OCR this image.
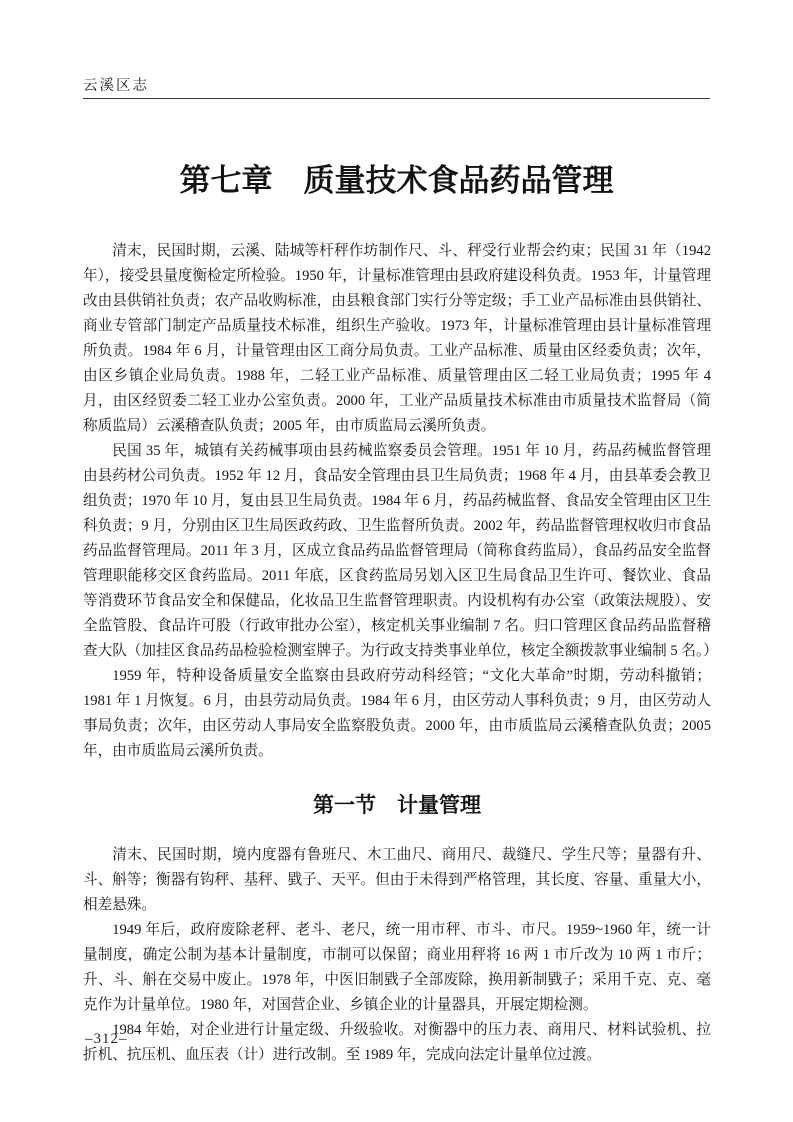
云溪区志
第七章　质量技术食品药品管理

清末，民国时期，云溪、陆城等杆秤作坊制作尺、斗、秤受行业帮会约束；民国 31 年（1942 年），接受县量度衡检定所检验。1950 年，计量标准管理由县政府建设科负责。1953 年，计量管理改由县供销社负责；农产品收购标准，由县粮食部门实行分等定级；手工业产品标准由县供销社、商业专管部门制定产品质量技术标准，组织生产验收。1973 年，计量标准管理由县计量标准管理所负责。1984 年 6 月，计量管理由区工商分局负责。工业产品标准、质量由区经委负责；次年，由区乡镇企业局负责。1988 年，二轻工业产品标准、质量管理由区二轻工业局负责；1995 年 4 月，由区经贸委二轻工业办公室负责。2000 年，工业产品质量技术标准由市质量技术监督局（简称质监局）云溪稽查队负责；2005 年，由市质监局云溪所负责。

民国 35 年，城镇有关药械事项由县药械监察委员会管理。1951 年 10 月，药品药械监督管理由县药材公司负责。1952 年 12 月，食品安全管理由县卫生局负责；1968 年 4 月，由县革委会教卫组负责；1970 年 10 月，复由县卫生局负责。1984 年 6 月，药品药械监督、食品安全管理由区卫生科负责；9 月，分别由区卫生局医政药政、卫生监督所负责。2002 年，药品监督管理权收归市食品药品监督管理局。2011 年 3 月，区成立食品药品监督管理局（简称食药监局），食品药品安全监督管理职能移交区食药监局。2011 年底，区食药监局另划入区卫生局食品卫生许可、餐饮业、食品等消费环节食品安全和保健品，化妆品卫生监督管理职责。内设机构有办公室（政策法规股）、安全监管股、食品许可股（行政审批办公室），核定机关事业编制 7 名。归口管理区食品药品监督稽查大队（加挂区食品药品检验检测室牌子。为行政支持类事业单位，核定全额拨款事业编制 5 名。）

1959 年，特种设备质量安全监察由县政府劳动科经管；“文化大革命”时期，劳动科撤销；1981 年 1 月恢复。6 月，由县劳动局负责。1984 年 6 月，由区劳动人事科负责；9 月，由区劳动人事局负责；次年，由区劳动人事局安全监察股负责。2000 年，由市质监局云溪稽查队负责；2005 年，由市质监局云溪所负责。

第一节　计量管理

清末、民国时期，境内度器有鲁班尺、木工曲尺、商用尺、裁缝尺、学生尺等；量器有升、斗、斛等；衡器有钩秤、基秤、戥子、天平。但由于未得到严格管理，其长度、容量、重量大小，相差悬殊。

1949 年后，政府废除老秤、老斗、老尺，统一用市秤、市斗、市尺。1959~1960 年，统一计量制度，确定公制为基本计量制度，市制可以保留；商业用秤将 16 两 1 市斤改为 10 两 1 市斤；升、斗、斛在交易中废止。1978 年，中医旧制戥子全部废除，换用新制戥子；采用千克、克、毫克作为计量单位。1980 年，对国营企业、乡镇企业的计量器具，开展定期检测。

1984 年始，对企业进行计量定级、升级验收。对衡器中的压力表、商用尺、材料试验机、拉折机、抗压机、血压表（计）进行改制。至 1989 年，完成向法定计量单位过渡。

–312–
